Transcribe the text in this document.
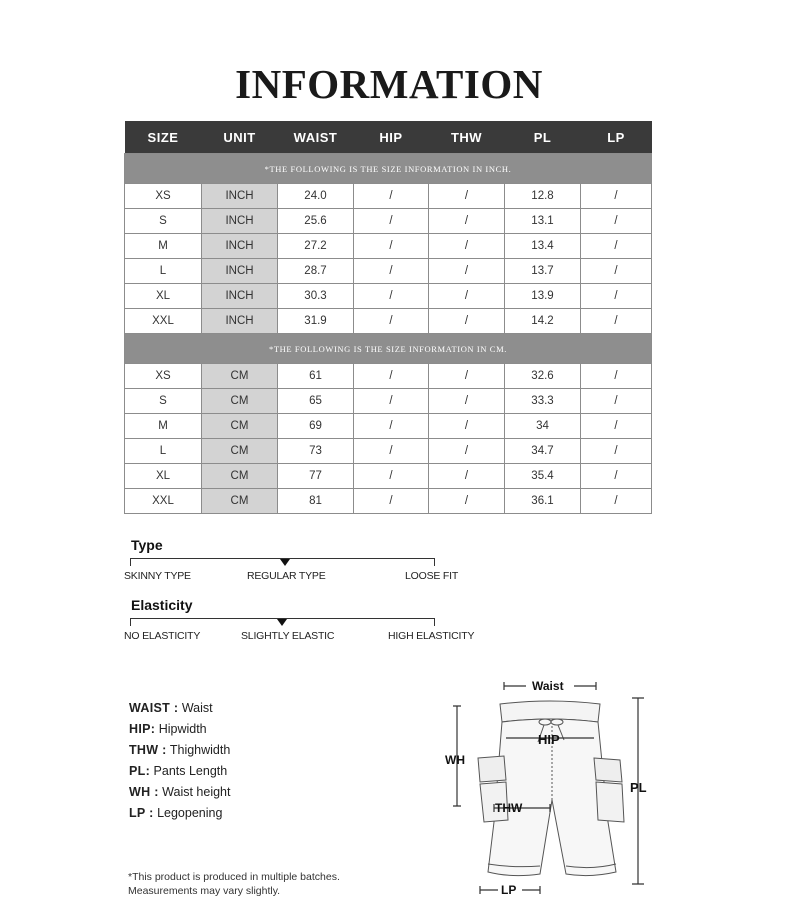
INFORMATION
SIZE	UNIT	WAIST	HIP	THW	PL	LP
*THE FOLLOWING IS THE SIZE INFORMATION IN INCH.						
XS	INCH	24.0	/	/	12.8	/
S	INCH	25.6	/	/	13.1	/
M	INCH	27.2	/	/	13.4	/
L	INCH	28.7	/	/	13.7	/
XL	INCH	30.3	/	/	13.9	/
XXL	INCH	31.9	/	/	14.2	/
*THE FOLLOWING IS THE SIZE INFORMATION IN CM.						
XS	CM	61	/	/	32.6	/
S	CM	65	/	/	33.3	/
M	CM	69	/	/	34	/
L	CM	73	/	/	34.7	/
XL	CM	77	/	/	35.4	/
XXL	CM	81	/	/	36.1	/
Type
SKINNY TYPE	REGULAR TYPE	LOOSE FIT
Elasticity
NO ELASTICITY	SLIGHTLY ELASTIC	HIGH ELASTICITY
WAIST : Waist
HIP: Hipwidth
THW : Thighwidth
PL: Pants Length
WH : Waist height
LP : Legopening
*This product is produced in multiple batches.
Measurements may vary slightly.
Waist
HIP
WH
THW
PL
LP
